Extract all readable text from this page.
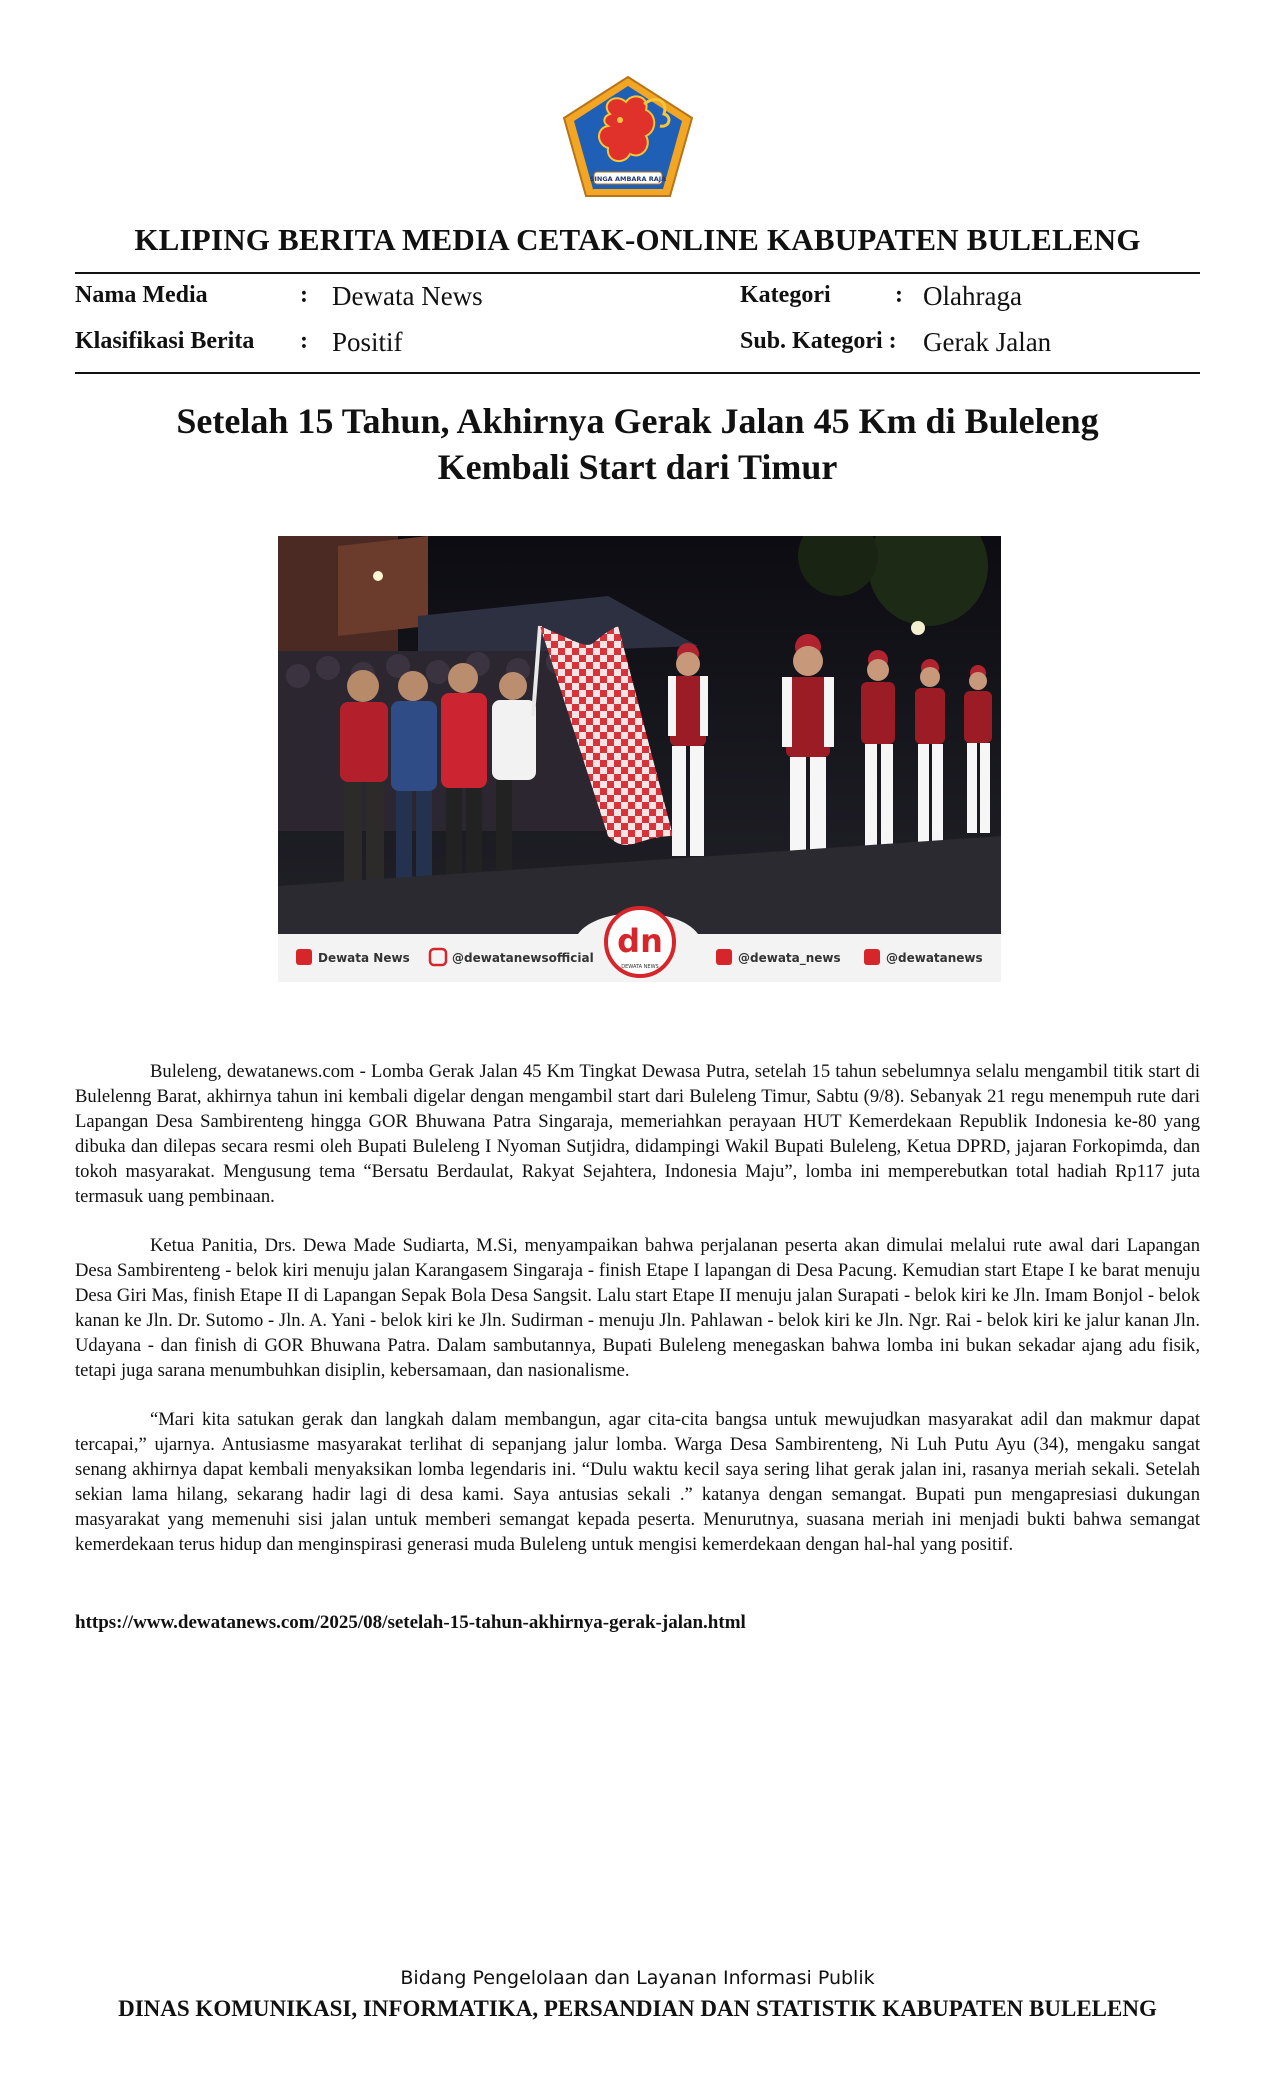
SINGA AMBARA RAJA
KLIPING BERITA MEDIA CETAK-ONLINE KABUPATEN BULELENG
Nama Media	: Dewata News
Klasifikasi Berita : Positif
Kategori	: Olahraga
Sub. Kategori : Gerak Jalan
Setelah 15 Tahun, Akhirnya Gerak Jalan 45 Km di Buleleng
Kembali Start dari Timur
dn
DEWATA NEWS
Dewata News	@dewatanewsofficial	@dewata_news	@dewatanews

Buleleng, dewatanews.com - Lomba Gerak Jalan 45 Km Tingkat Dewasa Putra, setelah 15 tahun sebelumnya selalu mengambil titik start di Bulelenng Barat, akhirnya tahun ini kembali digelar dengan mengambil start dari Buleleng Timur, Sabtu (9/8). Sebanyak 21 regu menempuh rute dari Lapangan Desa Sambirenteng hingga GOR Bhuwana Patra Singaraja, memeriahkan perayaan HUT Kemerdekaan Republik Indonesia ke-80 yang dibuka dan dilepas secara resmi oleh Bupati Buleleng I Nyoman Sutjidra, didampingi Wakil Bupati Buleleng, Ketua DPRD, jajaran Forkopimda, dan tokoh masyarakat. Mengusung tema “Bersatu Berdaulat, Rakyat Sejahtera, Indonesia Maju”, lomba ini memperebutkan total hadiah Rp117 juta termasuk uang pembinaan.

Ketua Panitia, Drs. Dewa Made Sudiarta, M.Si, menyampaikan bahwa perjalanan peserta akan dimulai melalui rute awal dari Lapangan Desa Sambirenteng - belok kiri menuju jalan Karangasem Singaraja - finish Etape I lapangan di Desa Pacung. Kemudian start Etape I ke barat menuju Desa Giri Mas, finish Etape II di Lapangan Sepak Bola Desa Sangsit. Lalu start Etape II menuju jalan Surapati - belok kiri ke Jln. Imam Bonjol - belok kanan ke Jln. Dr. Sutomo - Jln. A. Yani - belok kiri ke Jln. Sudirman - menuju Jln. Pahlawan - belok kiri ke Jln. Ngr. Rai - belok kiri ke jalur kanan Jln. Udayana - dan finish di GOR Bhuwana Patra. Dalam sambutannya, Bupati Buleleng menegaskan bahwa lomba ini bukan sekadar ajang adu fisik, tetapi juga sarana menumbuhkan disiplin, kebersamaan, dan nasionalisme.

“Mari kita satukan gerak dan langkah dalam membangun, agar cita-cita bangsa untuk mewujudkan masyarakat adil dan makmur dapat tercapai,” ujarnya. Antusiasme masyarakat terlihat di sepanjang jalur lomba. Warga Desa Sambirenteng, Ni Luh Putu Ayu (34), mengaku sangat senang akhirnya dapat kembali menyaksikan lomba legendaris ini. “Dulu waktu kecil saya sering lihat gerak jalan ini, rasanya meriah sekali. Setelah sekian lama hilang, sekarang hadir lagi di desa kami. Saya antusias sekali .” katanya dengan semangat. Bupati pun mengapresiasi dukungan masyarakat yang memenuhi sisi jalan untuk memberi semangat kepada peserta. Menurutnya, suasana meriah ini menjadi bukti bahwa semangat kemerdekaan terus hidup dan menginspirasi generasi muda Buleleng untuk mengisi kemerdekaan dengan hal-hal yang positif.

https://www.dewatanews.com/2025/08/setelah-15-tahun-akhirnya-gerak-jalan.html
Bidang Pengelolaan dan Layanan Informasi Publik
DINAS KOMUNIKASI, INFORMATIKA, PERSANDIAN DAN STATISTIK KABUPATEN BULELENG
